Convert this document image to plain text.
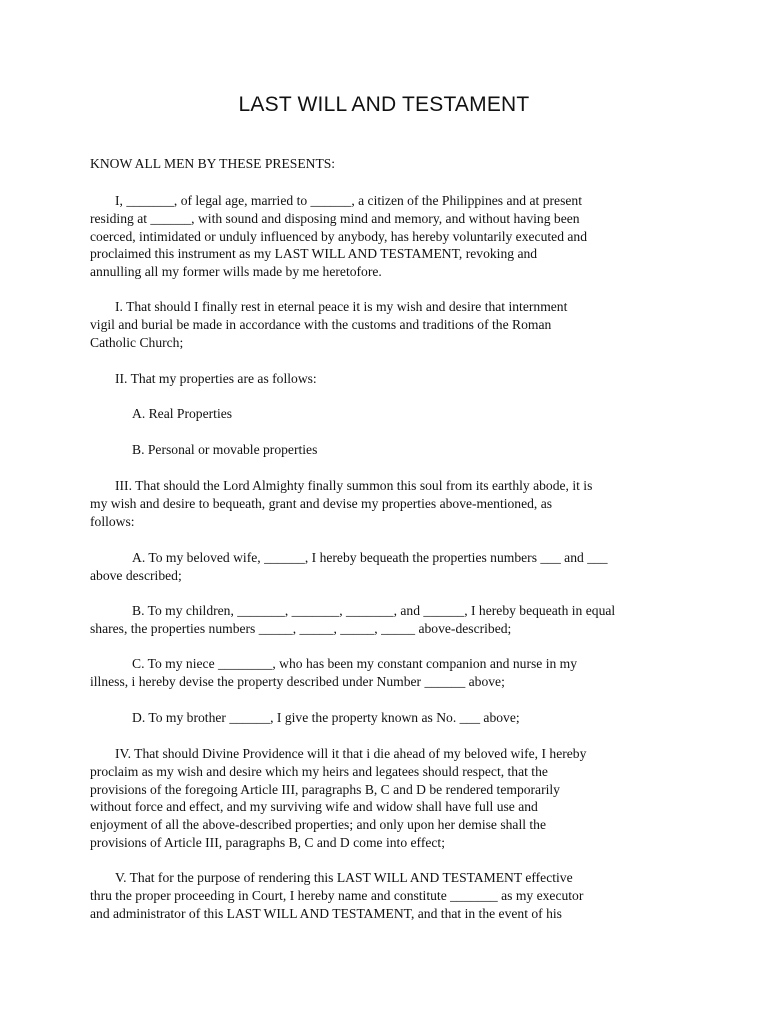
LAST WILL AND TESTAMENT

KNOW ALL MEN BY THESE PRESENTS:

I, _______, of legal age, married to ______, a citizen of the Philippines and at present
residing at ______, with sound and disposing mind and memory, and without having been
coerced, intimidated or unduly influenced by anybody, has hereby voluntarily executed and
proclaimed this instrument as my LAST WILL AND TESTAMENT, revoking and
annulling all my former wills made by me heretofore.

I. That should I finally rest in eternal peace it is my wish and desire that internment
vigil and burial be made in accordance with the customs and traditions of the Roman
Catholic Church;

II. That my properties are as follows:

A. Real Properties

B. Personal or movable properties

III. That should the Lord Almighty finally summon this soul from its earthly abode, it is
my wish and desire to bequeath, grant and devise my properties above-mentioned, as
follows:

A. To my beloved wife, ______, I hereby bequeath the properties numbers ___ and ___
above described;

B. To my children, _______, _______, _______, and ______, I hereby bequeath in equal
shares, the properties numbers _____, _____, _____, _____ above-described;

C. To my niece ________, who has been my constant companion and nurse in my
illness, i hereby devise the property described under Number ______ above;

D. To my brother ______, I give the property known as No. ___ above;

IV. That should Divine Providence will it that i die ahead of my beloved wife, I hereby
proclaim as my wish and desire which my heirs and legatees should respect, that the
provisions of the foregoing Article III, paragraphs B, C and D be rendered temporarily
without force and effect, and my surviving wife and widow shall have full use and
enjoyment of all the above-described properties; and only upon her demise shall the
provisions of Article III, paragraphs B, C and D come into effect;

V. That for the purpose of rendering this LAST WILL AND TESTAMENT effective
thru the proper proceeding in Court, I hereby name and constitute _______ as my executor
and administrator of this LAST WILL AND TESTAMENT, and that in the event of his
